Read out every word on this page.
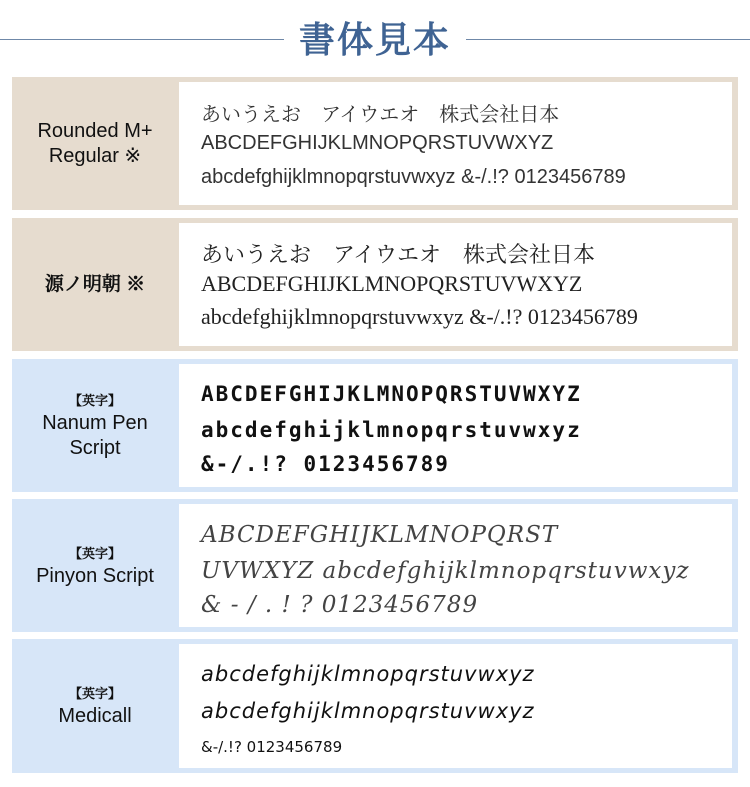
書体見本
Rounded M+
Regular ※
あいうえお　アイウエオ　株式会社日本
ABCDEFGHIJKLMNOPQRSTUVWXYZ
abcdefghijklmnopqrstuvwxyz &-/.!? 0123456789
源ノ明朝 ※
あいうえお　アイウエオ　株式会社日本
ABCDEFGHIJKLMNOPQRSTUVWXYZ
abcdefghijklmnopqrstuvwxyz &-/.!? 0123456789
【英字】
Nanum Pen
Script
ABCDEFGHIJKLMNOPQRSTUVWXYZ
abcdefghijklmnopqrstuvwxyz
&-/.!? 0123456789
【英字】
Pinyon Script
ABCDEFGHIJKLMNOPQRST
UVWXYZ abcdefghijklmnopqrstuvwxyz
& - / . ! ? 0123456789
【英字】
Medicall
abcdefghijklmnopqrstuvwxyz
abcdefghijklmnopqrstuvwxyz
&-/.!? 0123456789
